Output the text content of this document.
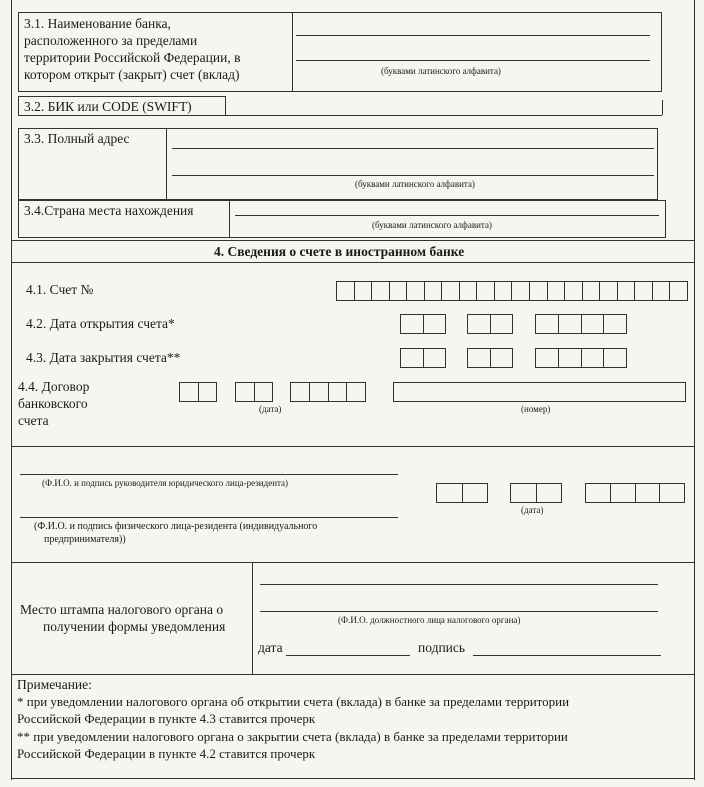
3.1. Наименование банка,
расположенного за пределами
территории Российской Федерации, в
котором открыт (закрыт) счет (вклад)	(буквами латинского алфавита)
3.2. БИК или CODE (SWIFT)
3.3. Полный адрес
(буквами латинского алфавита)
3.4.Страна места нахождения
(буквами латинского алфавита)
4. Сведения о счете в иностранном банке
4.1. Счет №
4.2. Дата открытия счета*
4.3. Дата закрытия счета**
4.4. Договор
банковского
счета
(дата)	(номер)
(Ф.И.О. и подпись руководителя юридического лица-резидента)
(Ф.И.О. и подпись физического лица-резидента (индивидуального
предпринимателя))
(дата)
Место штампа налогового органа о
получении формы уведомления	(Ф.И.О. должностного лица налогового органа)
дата	подпись
Примечание:
* при уведомлении налогового органа об открытии счета (вклада) в банке за пределами территории
Российской Федерации в пункте 4.3 ставится прочерк
** при уведомлении налогового органа о закрытии счета (вклада) в банке за пределами территории
Российской Федерации в пункте 4.2 ставится прочерк
